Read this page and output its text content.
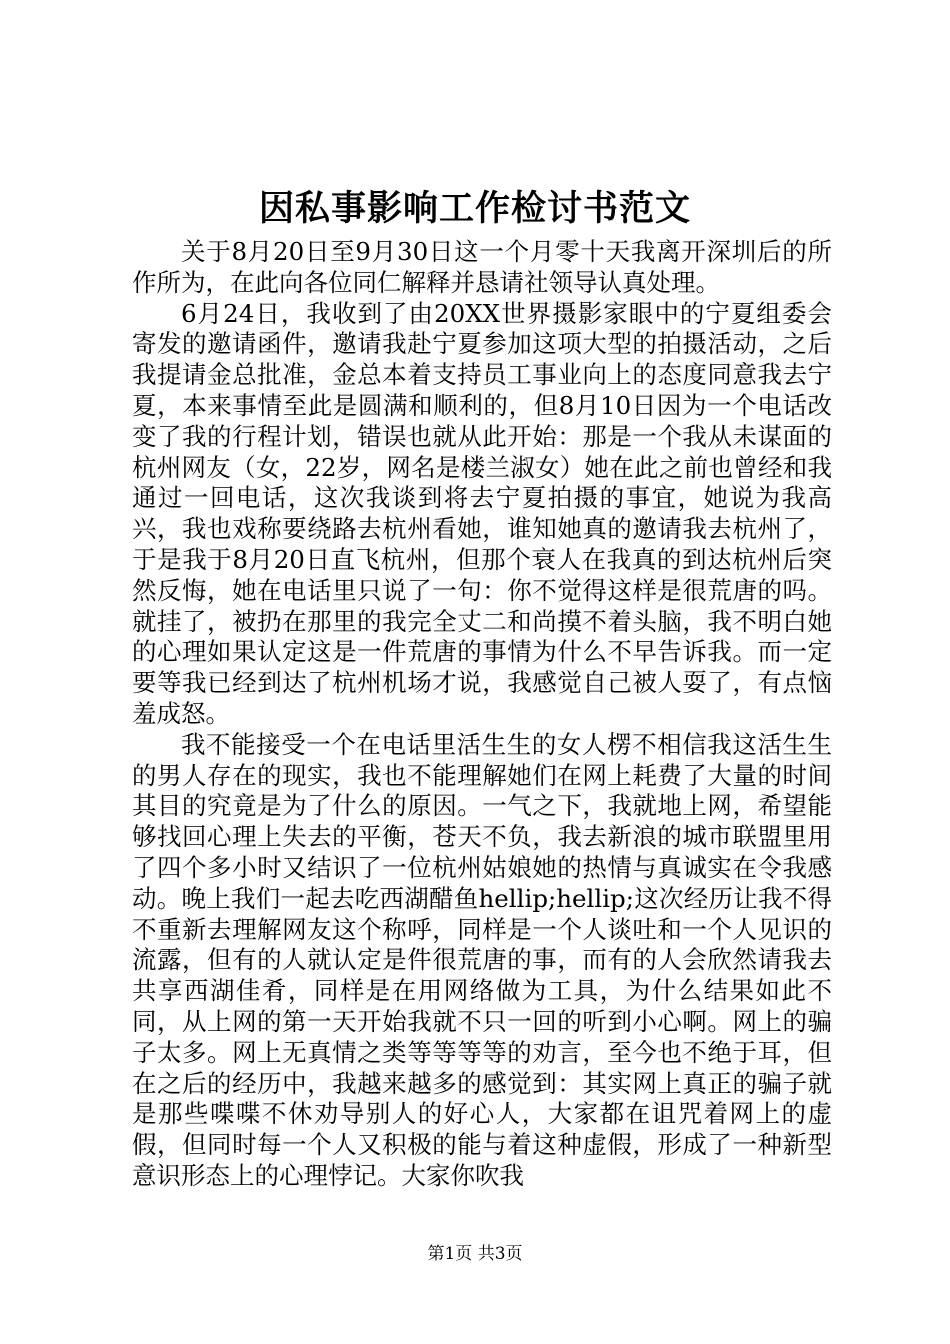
因私事影响工作检讨书范文

关于8月20日至9月30日这一个月零十天我离开深圳后的所作所为，在此向各位同仁解释并恳请社领导认真处理。

6月24日，我收到了由20XX世界摄影家眼中的宁夏组委会寄发的邀请函件，邀请我赴宁夏参加这项大型的拍摄活动，之后我提请金总批准，金总本着支持员工事业向上的态度同意我去宁夏，本来事情至此是圆满和顺利的，但8月10日因为一个电话改变了我的行程计划，错误也就从此开始：那是一个我从未谋面的杭州网友（女，22岁，网名是楼兰淑女）她在此之前也曾经和我通过一回电话，这次我谈到将去宁夏拍摄的事宜，她说为我高兴，我也戏称要绕路去杭州看她，谁知她真的邀请我去杭州了，于是我于8月20日直飞杭州，但那个衰人在我真的到达杭州后突然反悔，她在电话里只说了一句：你不觉得这样是很荒唐的吗。就挂了，被扔在那里的我完全丈二和尚摸不着头脑，我不明白她的心理如果认定这是一件荒唐的事情为什么不早告诉我。而一定要等我已经到达了杭州机场才说，我感觉自己被人耍了，有点恼羞成怒。

我不能接受一个在电话里活生生的女人楞不相信我这活生生的男人存在的现实，我也不能理解她们在网上耗费了大量的时间其目的究竟是为了什么的原因。一气之下，我就地上网，希望能够找回心理上失去的平衡，苍天不负，我去新浪的城市联盟里用了四个多小时又结识了一位杭州姑娘她的热情与真诚实在令我感动。晚上我们一起去吃西湖醋鱼hellip;hellip;这次经历让我不得不重新去理解网友这个称呼，同样是一个人谈吐和一个人见识的流露，但有的人就认定是件很荒唐的事，而有的人会欣然请我去共享西湖佳肴，同样是在用网络做为工具，为什么结果如此不同，从上网的第一天开始我就不只一回的听到小心啊。网上的骗子太多。网上无真情之类等等等等的劝言，至今也不绝于耳，但在之后的经历中，我越来越多的感觉到：其实网上真正的骗子就是那些喋喋不休劝导别人的好心人，大家都在诅咒着网上的虚假，但同时每一个人又积极的能与着这种虚假，形成了一种新型意识形态上的心理悖记。大家你吹我

第1页 共3页
